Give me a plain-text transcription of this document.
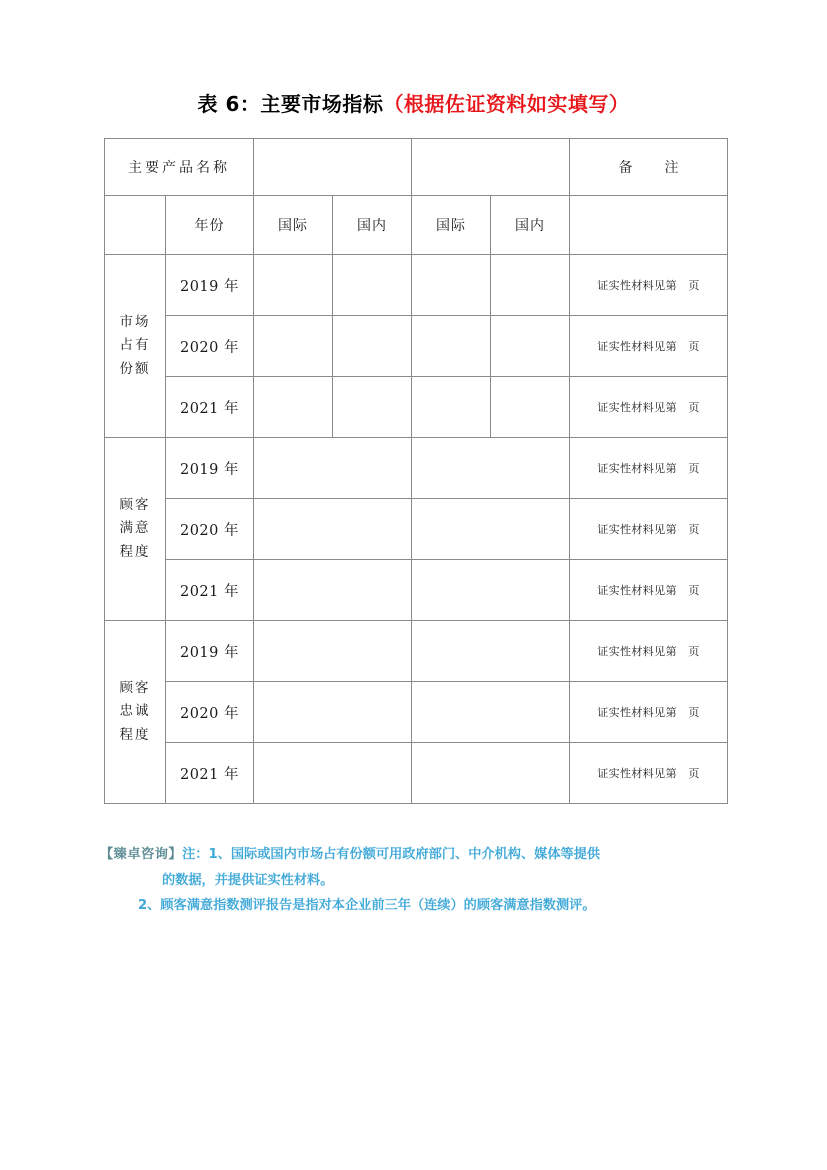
表 6：主要市场指标（根据佐证资料如实填写）
主要产品名称						备　注
	年份	国际	国内	国际	国内	

市场
占有
份额	2019 年					证实性材料见第　页
	2020 年					证实性材料见第　页
	2021 年					证实性材料见第　页

顾客
满意
程度	2019 年					证实性材料见第　页
	2020 年					证实性材料见第　页
	2021 年					证实性材料见第　页

顾客
忠诚
程度	2019 年					证实性材料见第　页
	2020 年					证实性材料见第　页
	2021 年					证实性材料见第　页
【臻卓咨询】注：1、国际或国内市场占有份额可用政府部门、中介机构、媒体等提供
的数据，并提供证实性材料。
2、顾客满意指数测评报告是指对本企业前三年（连续）的顾客满意指数测评。
